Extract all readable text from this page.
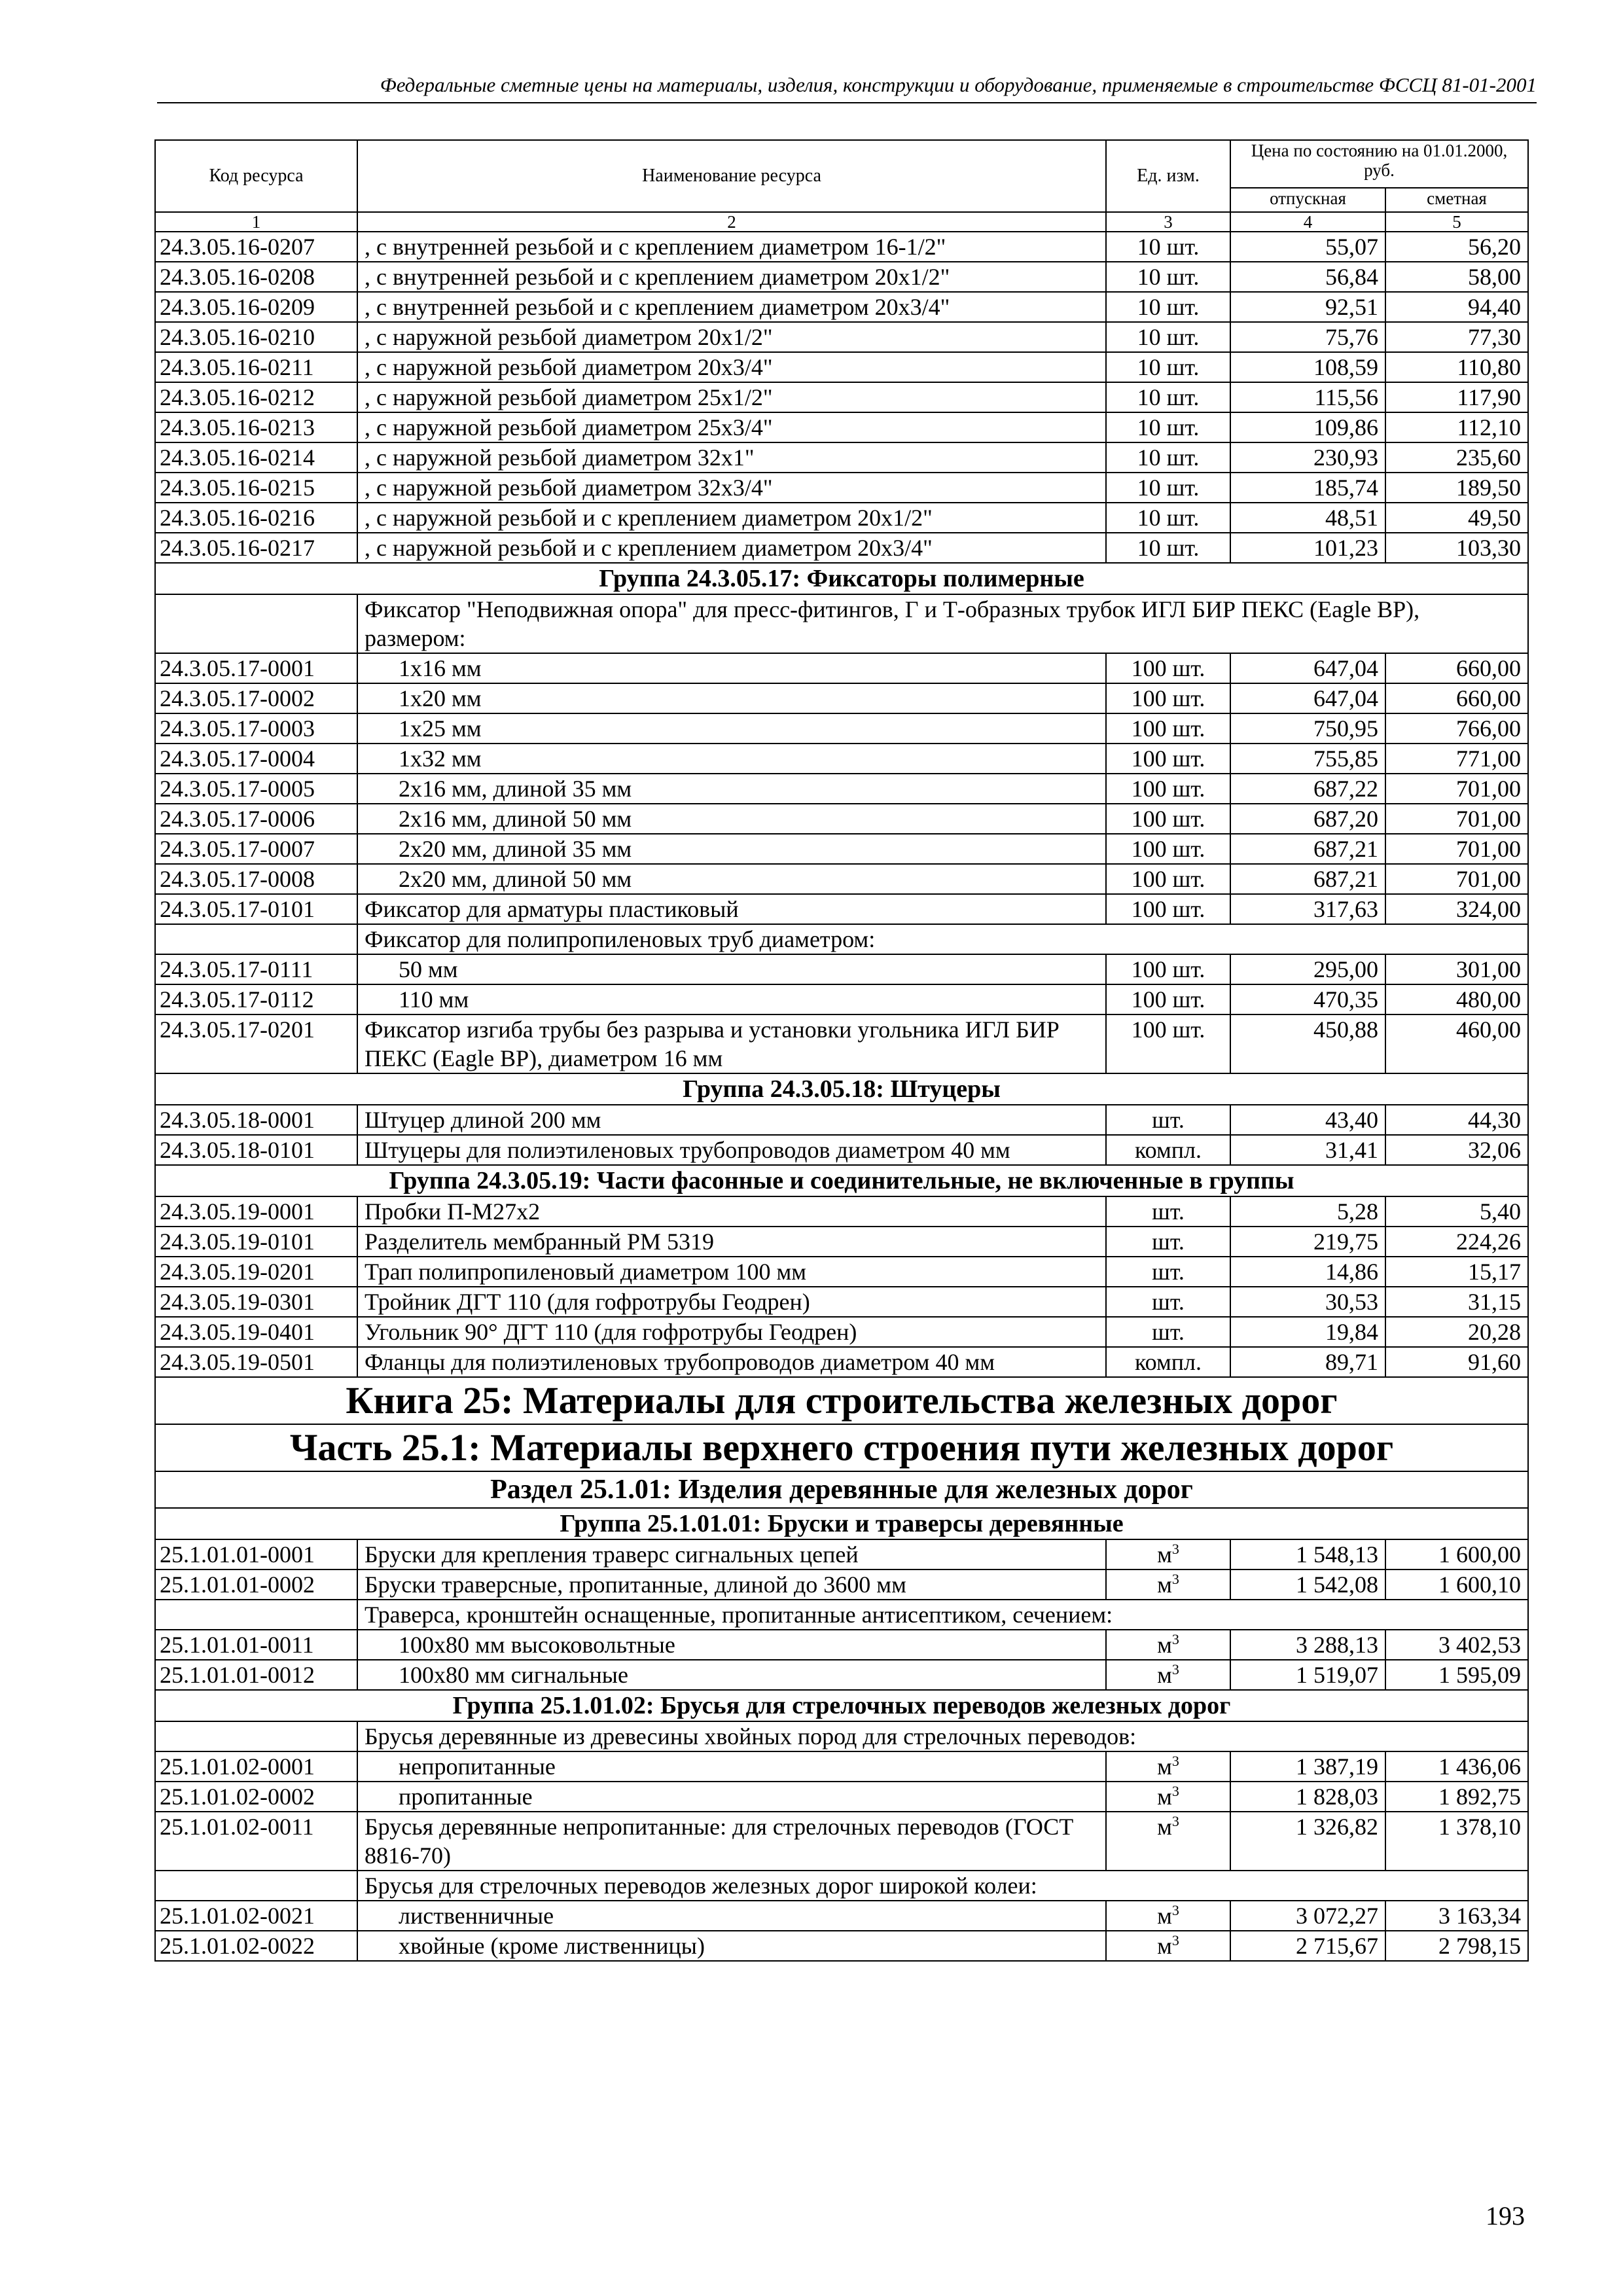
Федеральные сметные цены на материалы, изделия, конструкции и оборудование, применяемые в строительстве ФССЦ 81-01-2001
Код ресурса	Наименование ресурса	Ед. изм.	Цена по состоянию на 01.01.2000, руб.	
			отпускная	сметная
1	2	3	4	5
24.3.05.16-0207	, с внутренней резьбой и с креплением диаметром 16-1/2"	10 шт.	55,07	56,20
24.3.05.16-0208	, с внутренней резьбой и с креплением диаметром 20х1/2"	10 шт.	56,84	58,00
24.3.05.16-0209	, с внутренней резьбой и с креплением диаметром 20х3/4"	10 шт.	92,51	94,40
24.3.05.16-0210	, с наружной резьбой диаметром 20х1/2"	10 шт.	75,76	77,30
24.3.05.16-0211	, с наружной резьбой диаметром 20х3/4"	10 шт.	108,59	110,80
24.3.05.16-0212	, с наружной резьбой диаметром 25х1/2"	10 шт.	115,56	117,90
24.3.05.16-0213	, с наружной резьбой диаметром 25х3/4"	10 шт.	109,86	112,10
24.3.05.16-0214	, с наружной резьбой диаметром 32х1"	10 шт.	230,93	235,60
24.3.05.16-0215	, с наружной резьбой диаметром 32х3/4"	10 шт.	185,74	189,50
24.3.05.16-0216	, с наружной резьбой и с креплением диаметром 20х1/2"	10 шт.	48,51	49,50
24.3.05.16-0217	, с наружной резьбой и с креплением диаметром 20х3/4"	10 шт.	101,23	103,30
Группа 24.3.05.17: Фиксаторы полимерные				
	Фиксатор "Неподвижная опора" для пресс-фитингов, Г и Т-образных трубок ИГЛ БИР ПЕКС (Eagle BP), размером:			
24.3.05.17-0001	1х16 мм	100 шт.	647,04	660,00
24.3.05.17-0002	1х20 мм	100 шт.	647,04	660,00
24.3.05.17-0003	1х25 мм	100 шт.	750,95	766,00
24.3.05.17-0004	1х32 мм	100 шт.	755,85	771,00
24.3.05.17-0005	2х16 мм, длиной 35 мм	100 шт.	687,22	701,00
24.3.05.17-0006	2х16 мм, длиной 50 мм	100 шт.	687,20	701,00
24.3.05.17-0007	2х20 мм, длиной 35 мм	100 шт.	687,21	701,00
24.3.05.17-0008	2х20 мм, длиной 50 мм	100 шт.	687,21	701,00
24.3.05.17-0101	Фиксатор для арматуры пластиковый	100 шт.	317,63	324,00
	Фиксатор для полипропиленовых труб диаметром:			
24.3.05.17-0111	50 мм	100 шт.	295,00	301,00
24.3.05.17-0112	110 мм	100 шт.	470,35	480,00
24.3.05.17-0201	Фиксатор изгиба трубы без разрыва и установки угольника ИГЛ БИР ПЕКС (Eagle BP), диаметром 16 мм	100 шт.	450,88	460,00
Группа 24.3.05.18: Штуцеры				
24.3.05.18-0001	Штуцер длиной 200 мм	шт.	43,40	44,30
24.3.05.18-0101	Штуцеры для полиэтиленовых трубопроводов диаметром 40 мм	компл.	31,41	32,06
Группа 24.3.05.19: Части фасонные и соединительные, не включенные в группы				
24.3.05.19-0001	Пробки П-М27х2	шт.	5,28	5,40
24.3.05.19-0101	Разделитель мембранный РМ 5319	шт.	219,75	224,26
24.3.05.19-0201	Трап полипропиленовый диаметром 100 мм	шт.	14,86	15,17
24.3.05.19-0301	Тройник ДГТ 110 (для гофротрубы Геодрен)	шт.	30,53	31,15
24.3.05.19-0401	Угольник 90° ДГТ 110 (для гофротрубы Геодрен)	шт.	19,84	20,28
24.3.05.19-0501	Фланцы для полиэтиленовых трубопроводов диаметром 40 мм	компл.	89,71	91,60
Книга 25: Материалы для строительства железных дорог				
Часть 25.1: Материалы верхнего строения пути железных дорог				
Раздел 25.1.01: Изделия деревянные для железных дорог				
Группа 25.1.01.01: Бруски и траверсы деревянные				
25.1.01.01-0001	Бруски для крепления траверс сигнальных цепей	$м^3$	1 548,13	1 600,00
25.1.01.01-0002	Бруски траверсные, пропитанные, длиной до 3600 мм	$м^3$	1 542,08	1 600,10
	Траверса, кронштейн оснащенные, пропитанные антисептиком, сечением:			
25.1.01.01-0011	100х80 мм высоковольтные	$м^3$	3 288,13	3 402,53
25.1.01.01-0012	100х80 мм сигнальные	$м^3$	1 519,07	1 595,09
Группа 25.1.01.02: Брусья для стрелочных переводов железных дорог				
	Брусья деревянные из древесины хвойных пород для стрелочных переводов:			
25.1.01.02-0001	непропитанные	$м^3$	1 387,19	1 436,06
25.1.01.02-0002	пропитанные	$м^3$	1 828,03	1 892,75
25.1.01.02-0011	Брусья деревянные непропитанные: для стрелочных переводов (ГОСТ 8816-70)	$м^3$	1 326,82	1 378,10
	Брусья для стрелочных переводов железных дорог широкой колеи:			
25.1.01.02-0021	лиственничные	$м^3$	3 072,27	3 163,34
25.1.01.02-0022	хвойные (кроме лиственницы)	$м^3$	2 715,67	2 798,15
193
